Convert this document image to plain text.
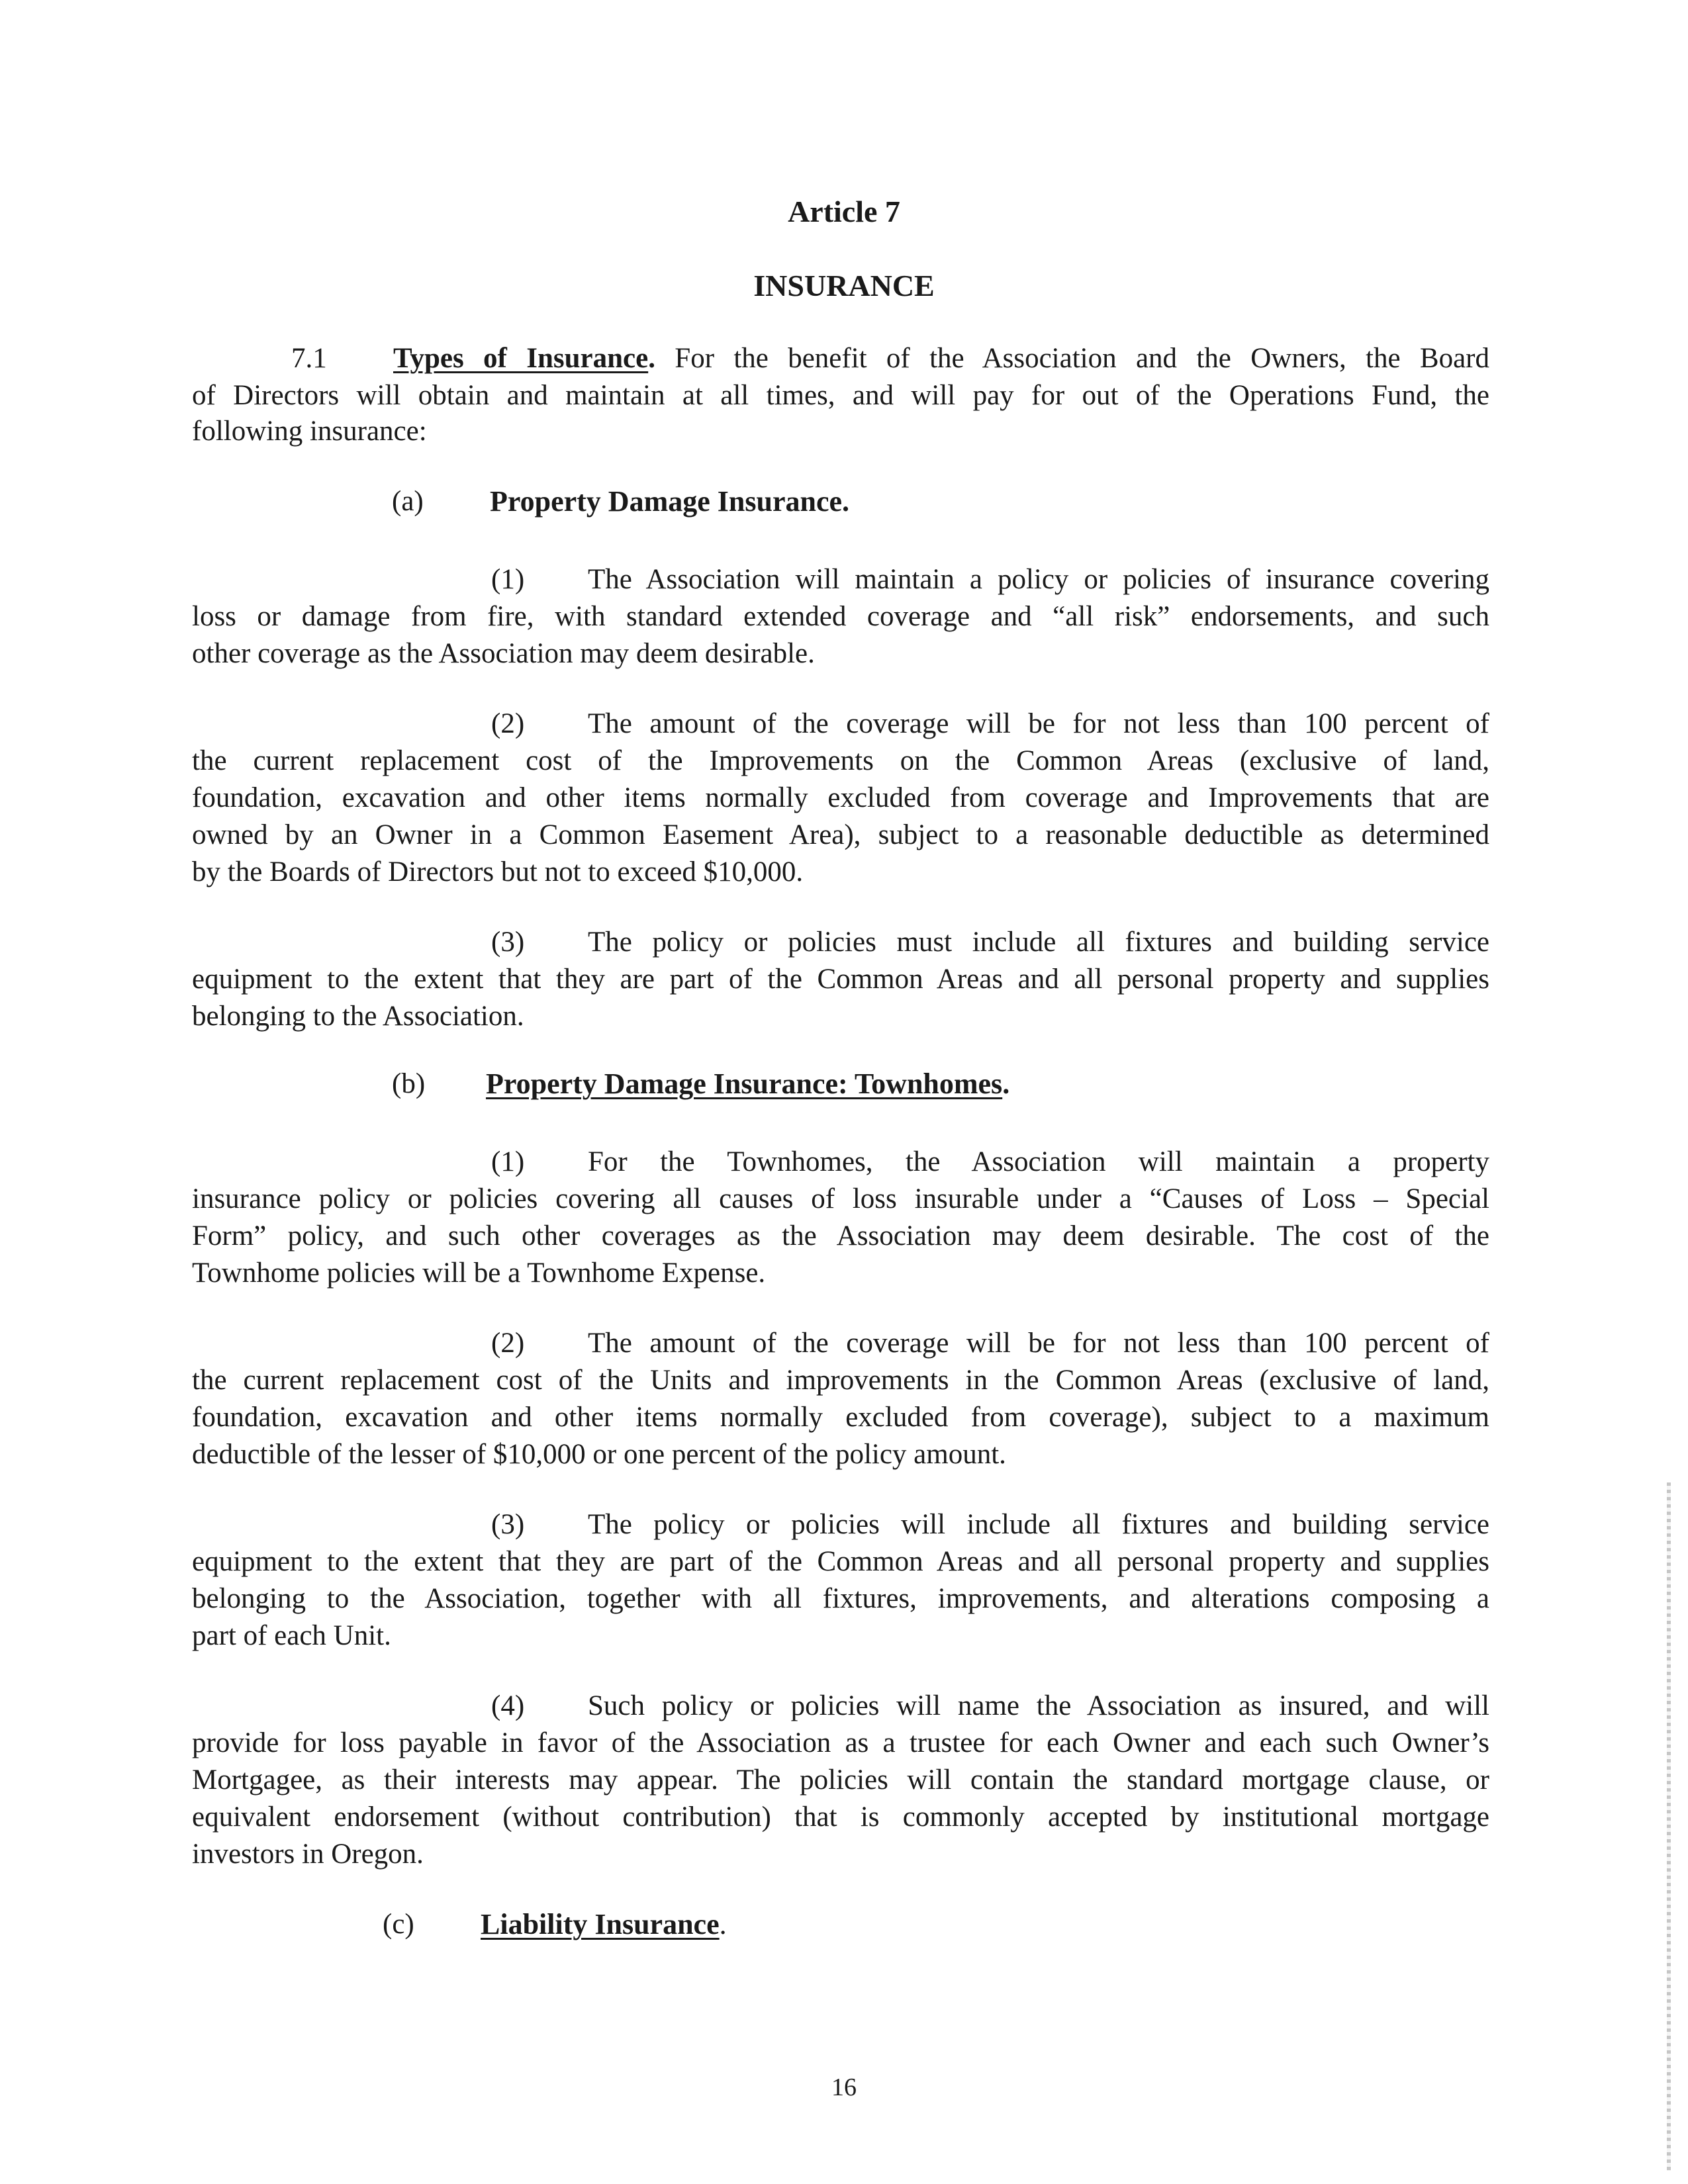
Article 7
INSURANCE
7.1 Types of Insurance. For the benefit of the Association and the Owners, the Board
of Directors will obtain and maintain at all times, and will pay for out of the Operations Fund, the
following insurance:
(a) Property Damage Insurance.
(1) The Association will maintain a policy or policies of insurance covering
loss or damage from fire, with standard extended coverage and “all risk” endorsements, and such
other coverage as the Association may deem desirable.
(2) The amount of the coverage will be for not less than 100 percent of
the current replacement cost of the Improvements on the Common Areas (exclusive of land,
foundation, excavation and other items normally excluded from coverage and Improvements that are
owned by an Owner in a Common Easement Area), subject to a reasonable deductible as determined
by the Boards of Directors but not to exceed $10,000.
(3) The policy or policies must include all fixtures and building service
equipment to the extent that they are part of the Common Areas and all personal property and supplies
belonging to the Association.
(b) Property Damage Insurance: Townhomes.
(1) For the Townhomes, the Association will maintain a property
insurance policy or policies covering all causes of loss insurable under a “Causes of Loss – Special
Form” policy, and such other coverages as the Association may deem desirable. The cost of the
Townhome policies will be a Townhome Expense.
(2) The amount of the coverage will be for not less than 100 percent of
the current replacement cost of the Units and improvements in the Common Areas (exclusive of land,
foundation, excavation and other items normally excluded from coverage), subject to a maximum
deductible of the lesser of $10,000 or one percent of the policy amount.
(3) The policy or policies will include all fixtures and building service
equipment to the extent that they are part of the Common Areas and all personal property and supplies
belonging to the Association, together with all fixtures, improvements, and alterations composing a
part of each Unit.
(4) Such policy or policies will name the Association as insured, and will
provide for loss payable in favor of the Association as a trustee for each Owner and each such Owner’s
Mortgagee, as their interests may appear. The policies will contain the standard mortgage clause, or
equivalent endorsement (without contribution) that is commonly accepted by institutional mortgage
investors in Oregon.
(c) Liability Insurance.
16
